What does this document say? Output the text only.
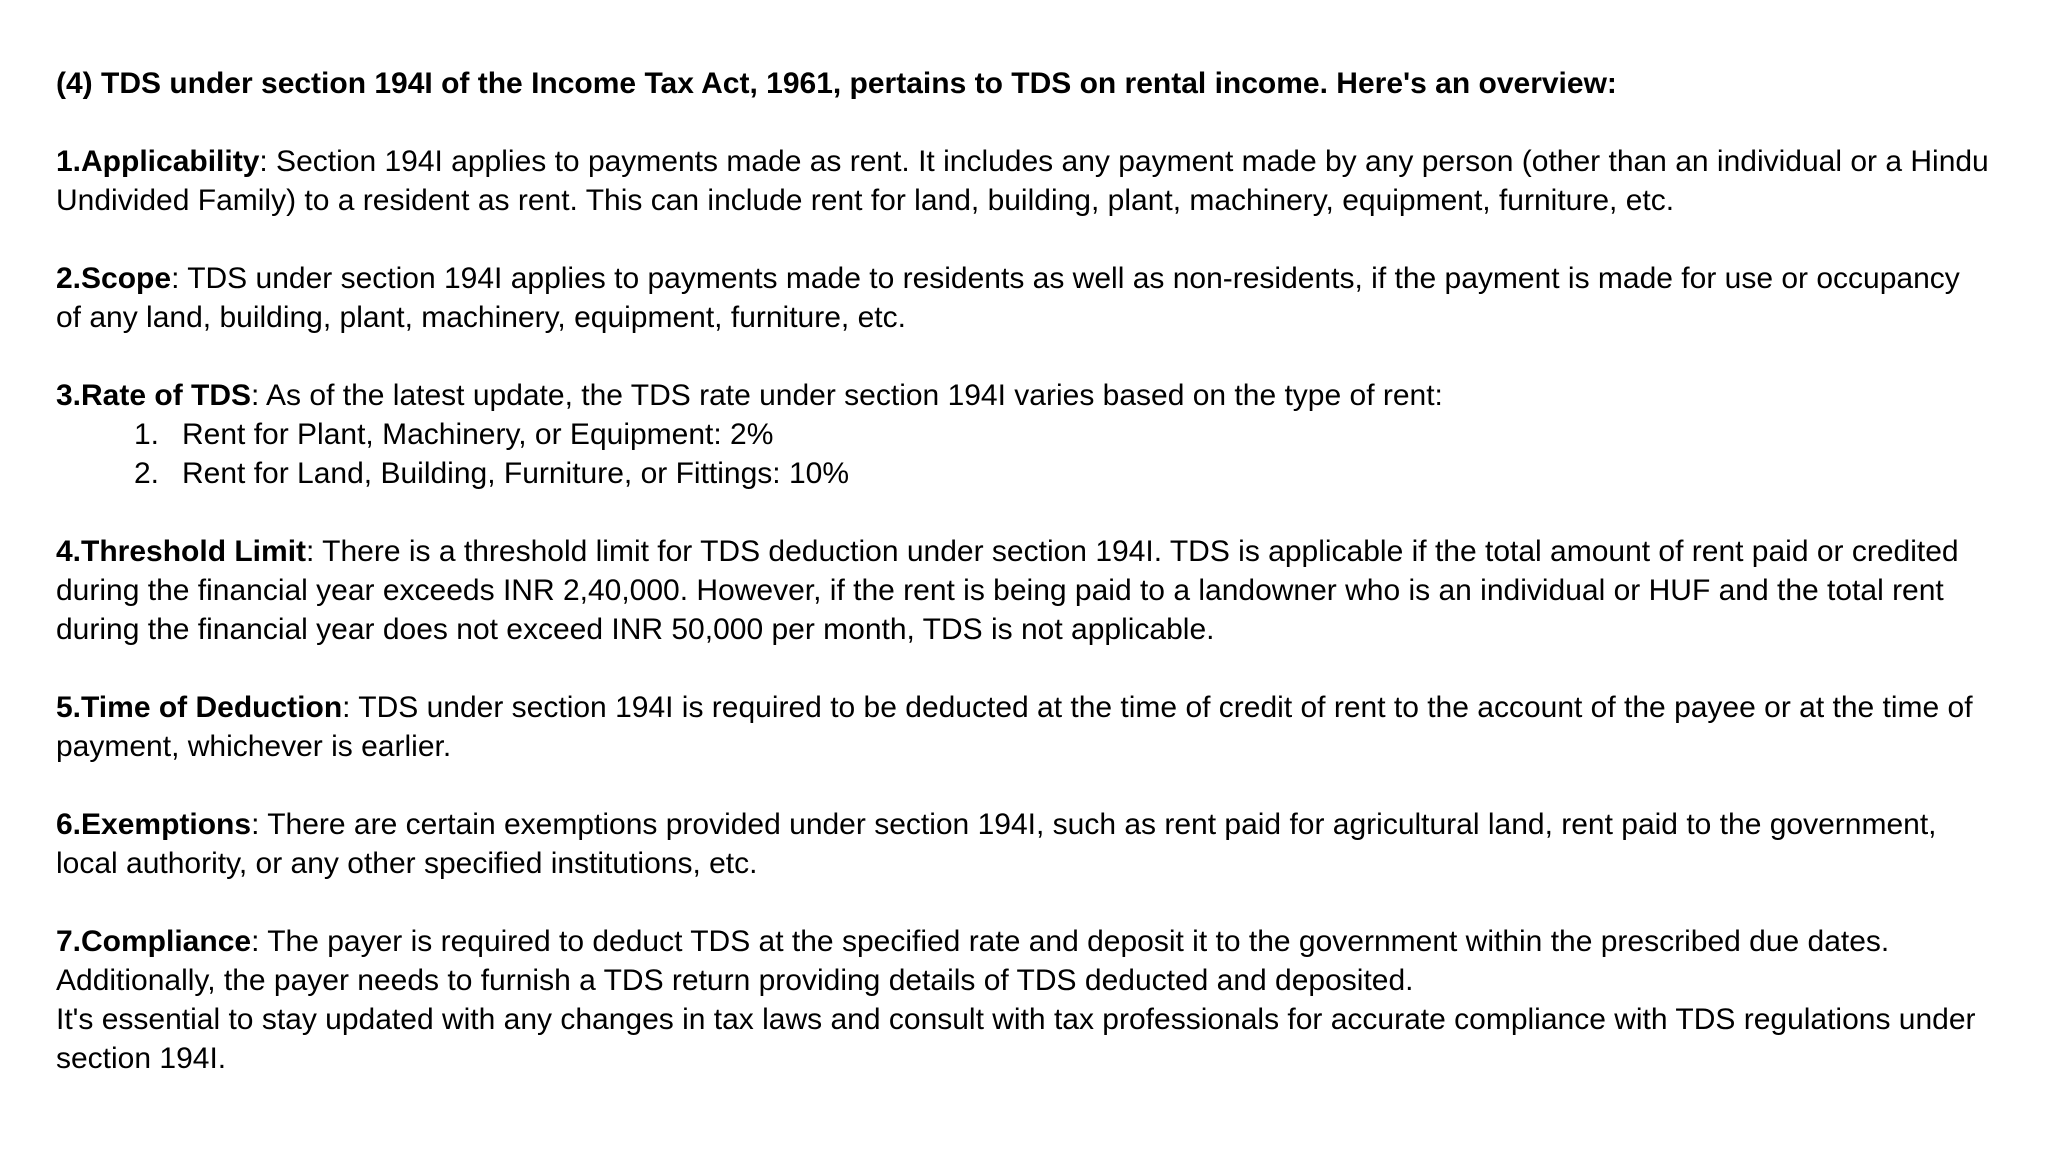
(4) TDS under section 194I of the Income Tax Act, 1961, pertains to TDS on rental income. Here's an overview:

1.Applicability: Section 194I applies to payments made as rent. It includes any payment made by any person (other than an individual or a Hindu Undivided Family) to a resident as rent. This can include rent for land, building, plant, machinery, equipment, furniture, etc.

2.Scope: TDS under section 194I applies to payments made to residents as well as non-residents, if the payment is made for use or occupancy of any land, building, plant, machinery, equipment, furniture, etc.

3.Rate of TDS: As of the latest update, the TDS rate under section 194I varies based on the type of rent:

1. Rent for Plant, Machinery, or Equipment: 2%
2. Rent for Land, Building, Furniture, or Fittings: 10%

4.Threshold Limit: There is a threshold limit for TDS deduction under section 194I. TDS is applicable if the total amount of rent paid or credited during the financial year exceeds INR 2,40,000. However, if the rent is being paid to a landowner who is an individual or HUF and the total rent during the financial year does not exceed INR 50,000 per month, TDS is not applicable.

5.Time of Deduction: TDS under section 194I is required to be deducted at the time of credit of rent to the account of the payee or at the time of payment, whichever is earlier.

6.Exemptions: There are certain exemptions provided under section 194I, such as rent paid for agricultural land, rent paid to the government, local authority, or any other specified institutions, etc.

7.Compliance: The payer is required to deduct TDS at the specified rate and deposit it to the government within the prescribed due dates. Additionally, the payer needs to furnish a TDS return providing details of TDS deducted and deposited.

It's essential to stay updated with any changes in tax laws and consult with tax professionals for accurate compliance with TDS regulations under section 194I.
